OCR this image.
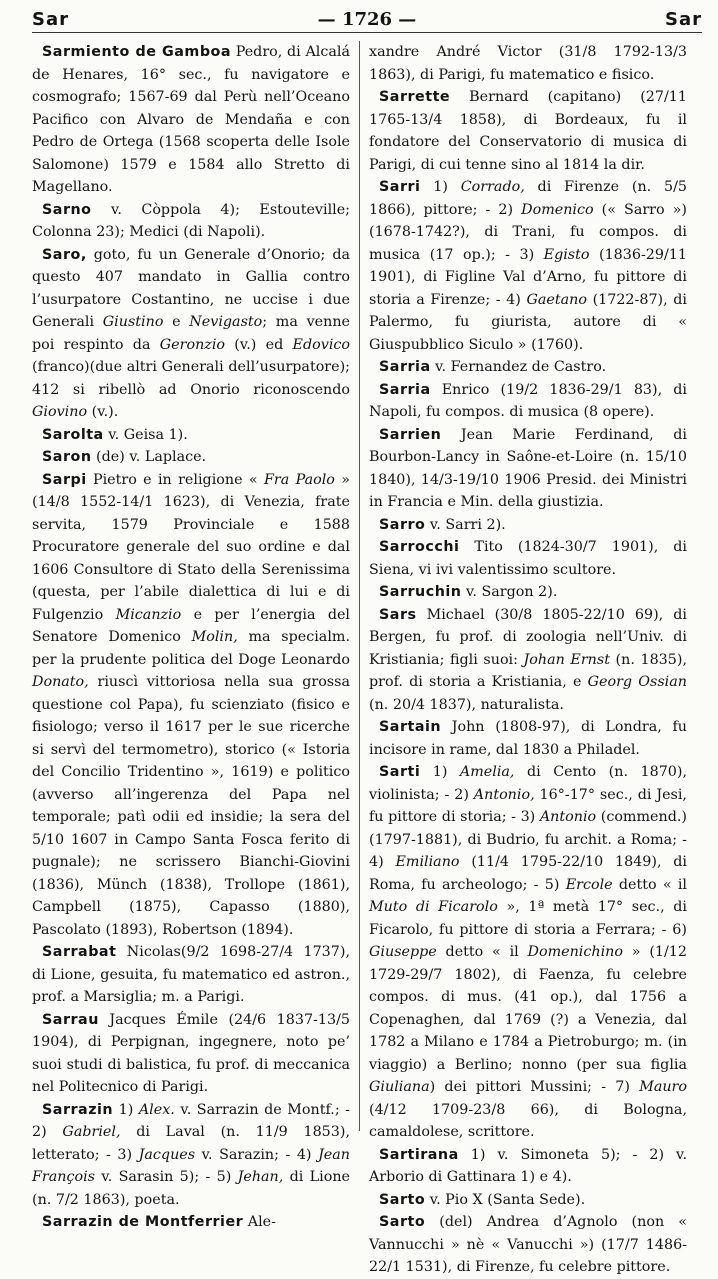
Sar	— 1726 —	Sar

Sarmiento de Gamboa Pedro, di Alcalá de Henares, 16° sec., fu navigatore e cosmografo; 1567-69 dal Perù nell’Oceano Pacifico con Alvaro de Mendaña e con Pedro de Ortega (1568 scoperta delle Isole Salomone) 1579 e 1584 allo Stretto di Magellano.

Sarno v. Còppola 4); Estouteville; Colonna 23); Medici (di Napoli).

Saro, goto, fu un Generale d’Onorio; da questo 407 mandato in Gallia contro l’usurpatore Costantino, ne uccise i due Generali Giustino e Nevigasto; ma venne poi respinto da Geronzio (v.) ed Edovico (franco)(due altri Generali dell’usurpatore); 412 si ribellò ad Onorio riconoscendo Giovino (v.).

Sarolta v. Geisa 1).

Saron (de) v. Laplace.

Sarpi Pietro e in religione « Fra Paolo » (14/8 1552-14/1 1623), di Venezia, frate servita, 1579 Provinciale e 1588 Procuratore generale del suo ordine e dal 1606 Consultore di Stato della Serenissima (questa, per l’abile dialettica di lui e di Fulgenzio Micanzio e per l’energia del Senatore Domenico Molin, ma specialm. per la prudente politica del Doge Leonardo Donato, riuscì vittoriosa nella sua grossa questione col Papa), fu scienziato (fisico e fisiologo; verso il 1617 per le sue ricerche si servì del termometro), storico (« Istoria del Concilio Tridentino », 1619) e politico (avverso all’ingerenza del Papa nel temporale; patì odii ed insidie; la sera del 5/10 1607 in Campo Santa Fosca ferito di pugnale); ne scrissero Bianchi-Giovini (1836), Münch (1838), Trollope (1861), Campbell (1875), Capasso (1880), Pascolato (1893), Robertson (1894).

Sarrabat Nicolas(9/2 1698-27/4 1737), di Lione, gesuita, fu matematico ed astron., prof. a Marsiglia; m. a Parigi.

Sarrau Jacques Émile (24/6 1837-13/5 1904), di Perpignan, ingegnere, noto pe’ suoi studi di balistica, fu prof. di meccanica nel Politecnico di Parigi.

Sarrazin 1) Alex. v. Sarrazin de Montf.; - 2) Gabriel, di Laval (n. 11/9 1853), letterato; - 3) Jacques v. Sarazin; - 4) Jean François v. Sarasin 5); - 5) Jehan, di Lione (n. 7/2 1863), poeta.

Sarrazin de Montferrier Ale-

xandre André Victor (31/8 1792-13/3 1863), di Parigi, fu matematico e fisico.

Sarrette Bernard (capitano) (27/11 1765-13/4 1858), di Bordeaux, fu il fondatore del Conservatorio di musica di Parigi, di cui tenne sino al 1814 la dir.

Sarri 1) Corrado, di Firenze (n. 5/5 1866), pittore; - 2) Domenico (« Sarro ») (1678-1742?), di Trani, fu compos. di musica (17 op.); - 3) Egisto (1836-29/11 1901), di Figline Val d’Arno, fu pittore di storia a Firenze; - 4) Gaetano (1722-87), di Palermo, fu giurista, autore di « Giuspubblico Siculo » (1760).

Sarria v. Fernandez de Castro.

Sarria Enrico (19/2 1836-29/1 83), di Napoli, fu compos. di musica (8 opere).

Sarrien Jean Marie Ferdinand, di Bourbon-Lancy in Saône-et-Loire (n. 15/10 1840), 14/3-19/10 1906 Presid. dei Ministri in Francia e Min. della giustizia.

Sarro v. Sarri 2).

Sarrocchi Tito (1824-30/7 1901), di Siena, vi ivi valentissimo scultore.

Sarruchin v. Sargon 2).

Sars Michael (30/8 1805-22/10 69), di Bergen, fu prof. di zoologia nell’Univ. di Kristiania; figli suoi: Johan Ernst (n. 1835), prof. di storia a Kristiania, e Georg Ossian (n. 20/4 1837), naturalista.

Sartain John (1808-97), di Londra, fu incisore in rame, dal 1830 a Philadel.

Sarti 1) Amelia, di Cento (n. 1870), violinista; - 2) Antonio, 16°-17° sec., di Jesi, fu pittore di storia; - 3) Antonio (commend.) (1797-1881), di Budrio, fu archit. a Roma; - 4) Emiliano (11/4 1795-22/10 1849), di Roma, fu archeologo; - 5) Ercole detto « il Muto di Ficarolo », 1ª metà 17° sec., di Ficarolo, fu pittore di storia a Ferrara; - 6) Giuseppe detto « il Domenichino » (1/12 1729-29/7 1802), di Faenza, fu celebre compos. di mus. (41 op.), dal 1756 a Copenaghen, dal 1769 (?) a Venezia, dal 1782 a Milano e 1784 a Pietroburgo; m. (in viaggio) a Berlino; nonno (per sua figlia Giuliana) dei pittori Mussini; - 7) Mauro (4/12 1709-23/8 66), di Bologna, camaldolese, scrittore.

Sartirana 1) v. Simoneta 5); - 2) v. Arborio di Gattinara 1) e 4).

Sarto v. Pio X (Santa Sede).

Sarto (del) Andrea d’Agnolo (non « Vannucchi » nè « Vanucchi ») (17/7 1486-22/1 1531), di Firenze, fu celebre pittore.
